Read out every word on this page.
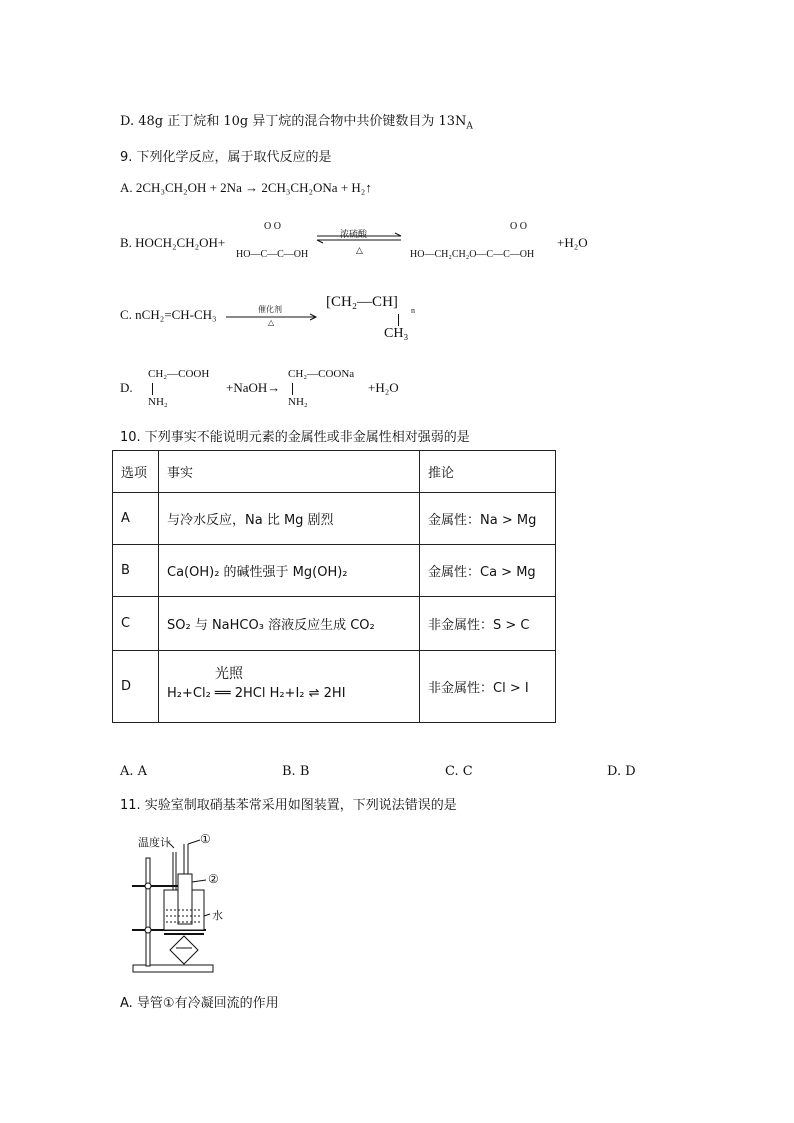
D. 48g 正丁烷和 10g 异丁烷的混合物中共价键数目为 $13N_A$
9. 下列化学反应，属于取代反应的是
A. 2CH₃CH₂OH + 2Na → 2CH₃CH₂ONa + H₂↑
B. HOCH₂CH₂OH+
O O
HO—C—C—OH
浓硫酸
△
O O
HO—CH₂CH₂O—C—C—OH
+H₂O
C. nCH₂=CH-CH₃	催化剂
△
[CH₂—CH]
n
CH₃
D.
CH₂—COOH
NH₂
+NaOH→
CH₂—COONa
NH₂
+H₂O
10. 下列事实不能说明元素的金属性或非金属性相对强弱的是
选项	事实	推论
A	与冷水反应，Na 比 Mg 剧烈	金属性：Na > Mg
B	Ca(OH)₂ 的碱性强于 Mg(OH)₂	金属性：Ca > Mg
C	SO₂ 与 NaHCO₃ 溶液反应生成 CO₂	非金属性：S > C
D	光照
H₂+Cl₂ ══ 2HCl H₂+I₂ ⇌ 2HI	非金属性：Cl > I
A. A	B. B	C. C	D. D
11. 实验室制取硝基苯常采用如图装置，下列说法错误的是
温度计 ①
②
水
A. 导管①有冷凝回流的作用
